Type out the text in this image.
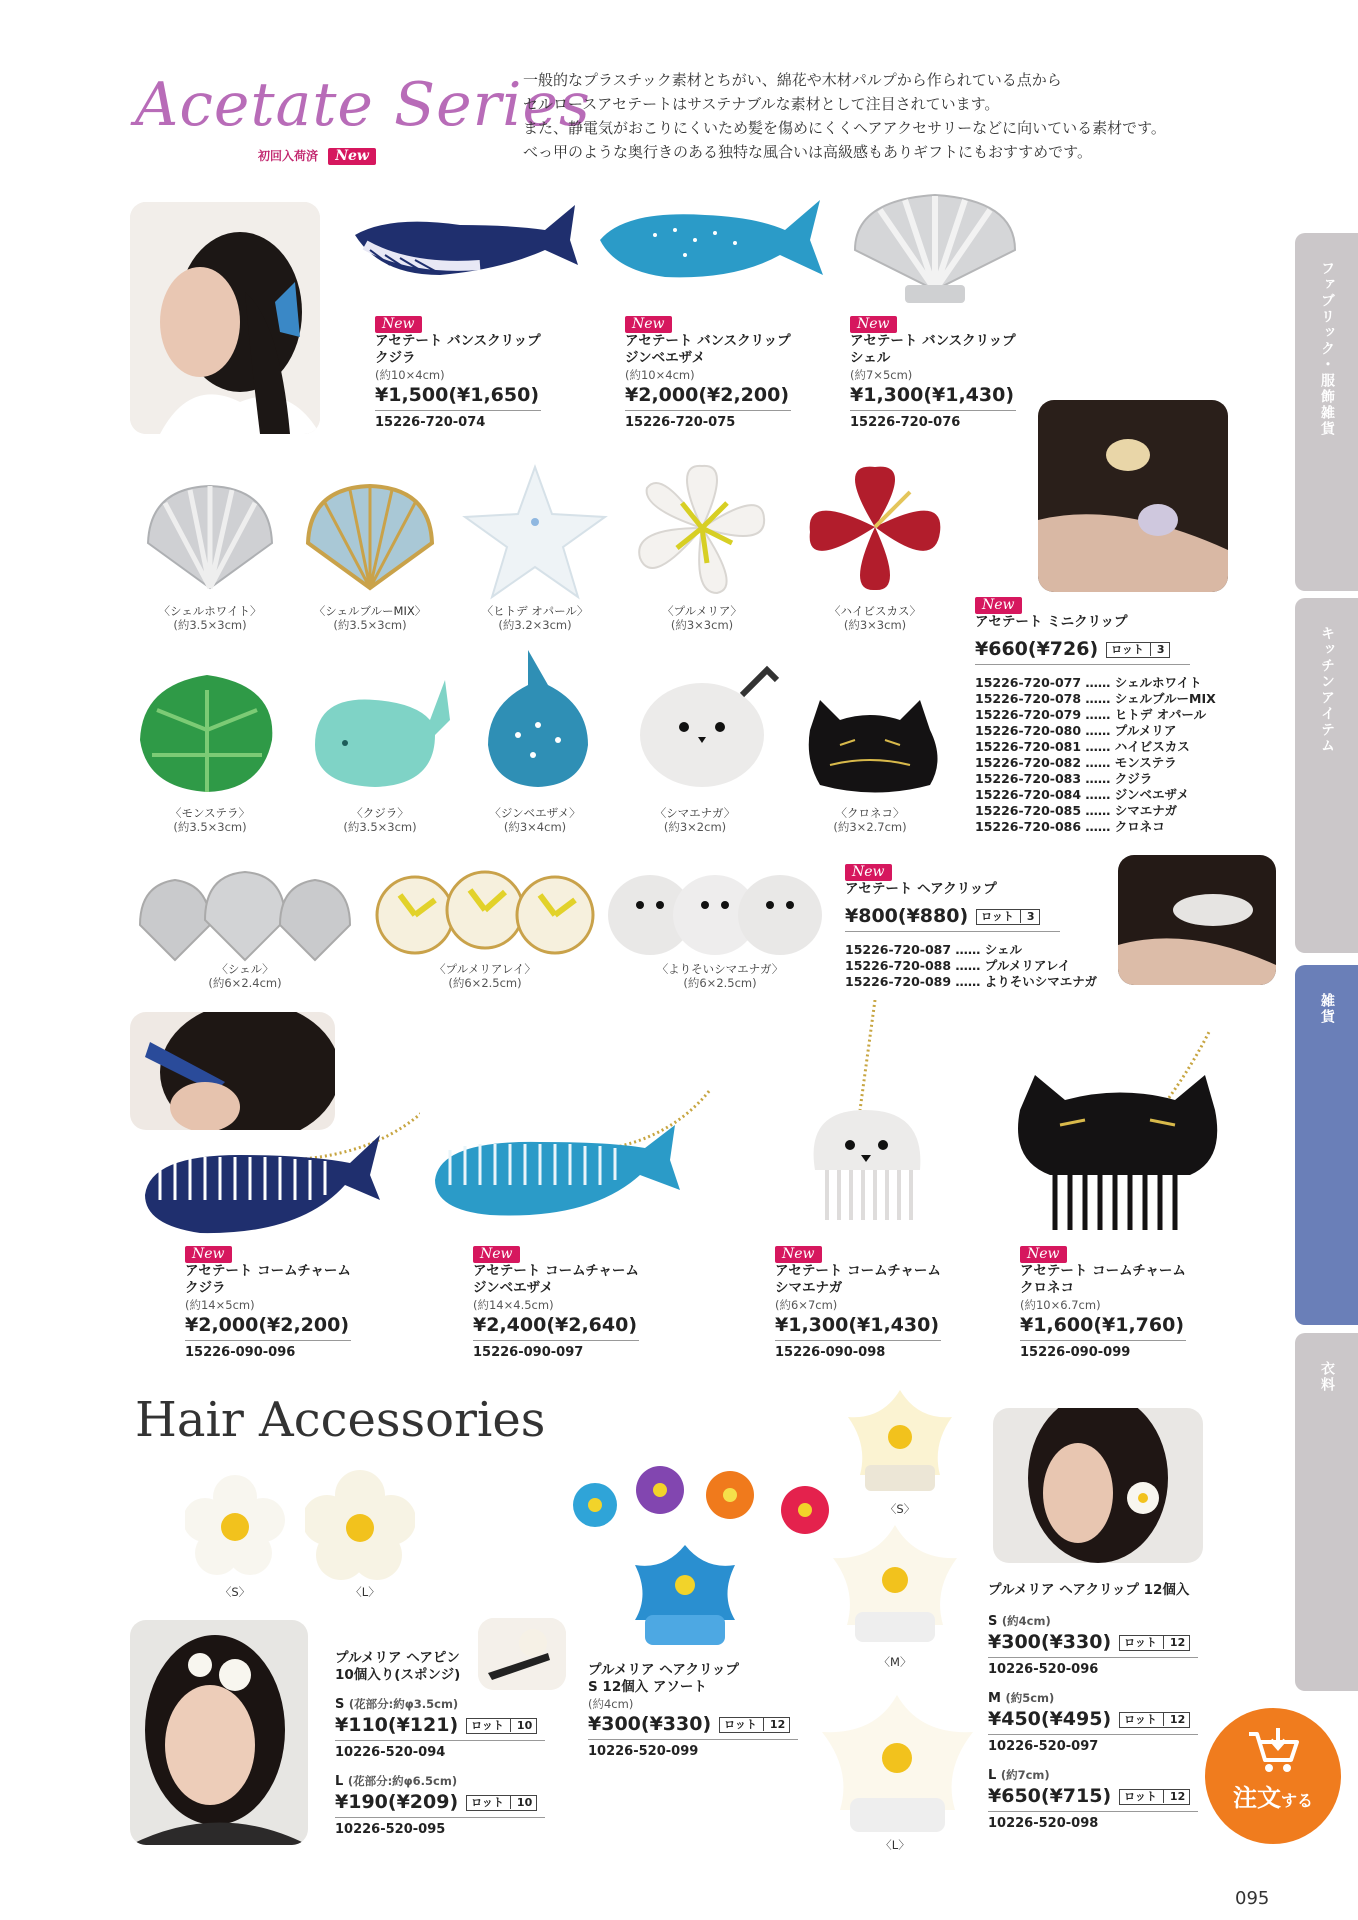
Acetate Series
初回入荷済 New
一般的なプラスチック素材とちがい、綿花や木材パルプから作られている点から
セルロースアセテートはサステナブルな素材として注目されています。
また、静電気がおこりにくいため髪を傷めにくくヘアアクセサリーなどに向いている素材です。
べっ甲のような奥行きのある独特な風合いは高級感もありギフトにもおすすめです。
New
アセテート バンスクリップ
クジラ
(約10×4cm)
¥1,500(¥1,650)
15226-720-074
New
アセテート バンスクリップ
ジンベエザメ
(約10×4cm)
¥2,000(¥2,200)
15226-720-075
New
アセテート バンスクリップ
シェル
(約7×5cm)
¥1,300(¥1,430)
15226-720-076
〈シェルホワイト〉
(約3.5×3cm)
〈シェルブルーMIX〉
(約3.5×3cm)
〈ヒトデ オパール〉
(約3.2×3cm)
〈プルメリア〉
(約3×3cm)
〈ハイビスカス〉
(約3×3cm)
〈モンステラ〉
(約3.5×3cm)
〈クジラ〉
(約3.5×3cm)
〈ジンベエザメ〉
(約3×4cm)
〈シマエナガ〉
(約3×2cm)
〈クロネコ〉
(約3×2.7cm)
New
アセテート ミニクリップ
¥660(¥726) ロット 3
15226-720-077 …… シェルホワイト
15226-720-078 …… シェルブルーMIX
15226-720-079 …… ヒトデ オパール
15226-720-080 …… プルメリア
15226-720-081 …… ハイビスカス
15226-720-082 …… モンステラ
15226-720-083 …… クジラ
15226-720-084 …… ジンベエザメ
15226-720-085 …… シマエナガ
15226-720-086 …… クロネコ
〈シェル〉
(約6×2.4cm)
〈プルメリアレイ〉
(約6×2.5cm)
〈よりそいシマエナガ〉
(約6×2.5cm)
New
アセテート ヘアクリップ
¥800(¥880) ロット 3
15226-720-087 …… シェル
15226-720-088 …… プルメリアレイ
15226-720-089 …… よりそいシマエナガ
New
アセテート コームチャーム
クジラ
(約14×5cm)
¥2,000(¥2,200)
15226-090-096
New
アセテート コームチャーム
ジンベエザメ
(約14×4.5cm)
¥2,400(¥2,640)
15226-090-097
New
アセテート コームチャーム
シマエナガ
(約6×7cm)
¥1,300(¥1,430)
15226-090-098
New
アセテート コームチャーム
クロネコ
(約10×6.7cm)
¥1,600(¥1,760)
15226-090-099
Hair Accessories
〈S〉	〈L〉
プルメリア ヘアピン
10個入り(スポンジ)
S (花部分:約φ3.5cm)
¥110(¥121) ロット 10
10226-520-094
L (花部分:約φ6.5cm)
¥190(¥209) ロット 10
10226-520-095
プルメリア ヘアクリップ
S 12個入 アソート
(約4cm)
¥300(¥330) ロット 12
10226-520-099
〈S〉
〈M〉
〈L〉
プルメリア ヘアクリップ 12個入
S (約4cm)
¥300(¥330) ロット 12
10226-520-096
M (約5cm)
¥450(¥495) ロット 12
10226-520-097
L (約7cm)
¥650(¥715) ロット 12
10226-520-098
ファブリック・服飾雑貨
キッチンアイテム
雑貨
衣料
注文する
095
